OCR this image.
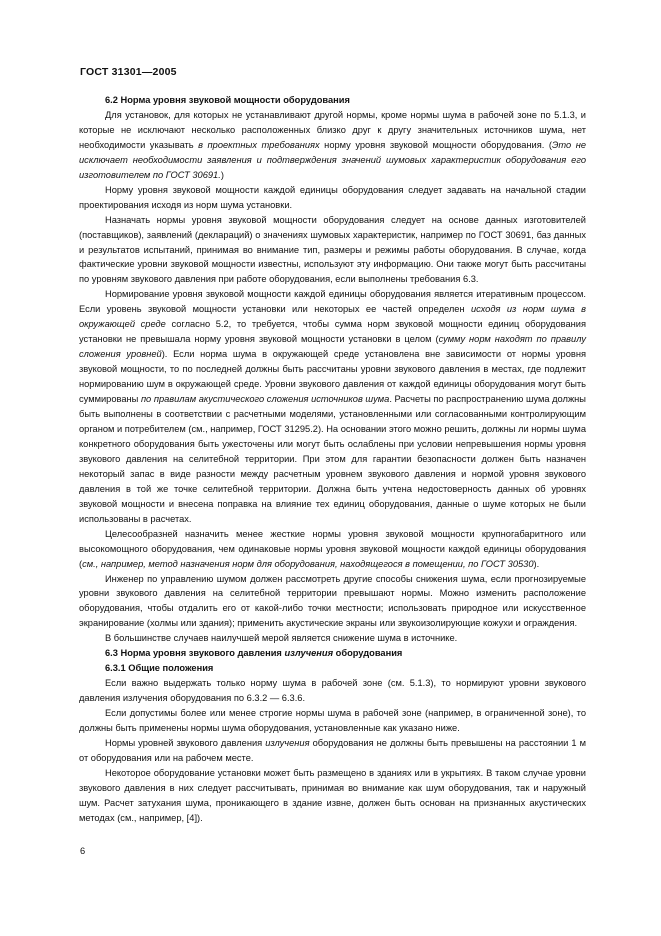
ГОСТ 31301—2005
6.2 Норма уровня звуковой мощности оборудования

Для установок, для которых не устанавливают другой нормы, кроме нормы шума в рабочей зоне по 5.1.3, и которые не исключают несколько расположенных близко друг к другу значительных источников шума, нет необходимости указывать в проектных требованиях норму уровня звуковой мощности оборудования. (Это не исключает необходимости заявления и подтверждения значений шумовых характеристик оборудования его изготовителем по ГОСТ 30691.)

Норму уровня звуковой мощности каждой единицы оборудования следует задавать на начальной стадии проектирования исходя из норм шума установки.

Назначать нормы уровня звуковой мощности оборудования следует на основе данных изготовителей (поставщиков), заявлений (деклараций) о значениях шумовых характеристик, например по ГОСТ 30691, баз данных и результатов испытаний, принимая во внимание тип, размеры и режимы работы оборудования. В случае, когда фактические уровни звуковой мощности известны, используют эту информацию. Они также могут быть рассчитаны по уровням звукового давления при работе оборудования, если выполнены требования 6.3.

Нормирование уровня звуковой мощности каждой единицы оборудования является итеративным процессом. Если уровень звуковой мощности установки или некоторых ее частей определен исходя из норм шума в окружающей среде согласно 5.2, то требуется, чтобы сумма норм звуковой мощности единиц оборудования установки не превышала норму уровня звуковой мощности установки в целом (сумму норм находят по правилу сложения уровней). Если норма шума в окружающей среде установлена вне зависимости от нормы уровня звуковой мощности, то по последней должны быть рассчитаны уровни звукового давления в местах, где подлежит нормированию шум в окружающей среде. Уровни звукового давления от каждой единицы оборудования могут быть суммированы по правилам акустического сложения источников шума. Расчеты по распространению шума должны быть выполнены в соответствии с расчетными моделями, установленными или согласованными контролирующим органом и потребителем (см., например, ГОСТ 31295.2). На основании этого можно решить, должны ли нормы шума конкретного оборудования быть ужесточены или могут быть ослаблены при условии непревышения нормы уровня звукового давления на селитебной территории. При этом для гарантии безопасности должен быть назначен некоторый запас в виде разности между расчетным уровнем звукового давления и нормой уровня звукового давления в той же точке селитебной территории. Должна быть учтена недостоверность данных об уровнях звуковой мощности и внесена поправка на влияние тех единиц оборудования, данные о шуме которых не были использованы в расчетах.

Целесообразней назначить менее жесткие нормы уровня звуковой мощности крупногабаритного или высокомощного оборудования, чем одинаковые нормы уровня звуковой мощности каждой единицы оборудования (см., например, метод назначения норм для оборудования, находящегося в помещении, по ГОСТ 30530).

Инженер по управлению шумом должен рассмотреть другие способы снижения шума, если прогнозируемые уровни звукового давления на селитебной территории превышают нормы. Можно изменить расположение оборудования, чтобы отдалить его от какой-либо точки местности; использовать природное или искусственное экранирование (холмы или здания); применить акустические экраны или звукоизолирующие кожухи и ограждения.

В большинстве случаев наилучшей мерой является снижение шума в источнике.

6.3 Норма уровня звукового давления излучения оборудования
6.3.1 Общие положения

Если важно выдержать только норму шума в рабочей зоне (см. 5.1.3), то нормируют уровни звукового давления излучения оборудования по 6.3.2 — 6.3.6.

Если допустимы более или менее строгие нормы шума в рабочей зоне (например, в ограниченной зоне), то должны быть применены нормы шума оборудования, установленные как указано ниже.

Нормы уровней звукового давления излучения оборудования не должны быть превышены на расстоянии 1 м от оборудования или на рабочем месте.

Некоторое оборудование установки может быть размещено в зданиях или в укрытиях. В таком случае уровни звукового давления в них следует рассчитывать, принимая во внимание как шум оборудования, так и наружный шум. Расчет затухания шума, проникающего в здание извне, должен быть основан на признанных акустических методах (см., например, [4]).

6
